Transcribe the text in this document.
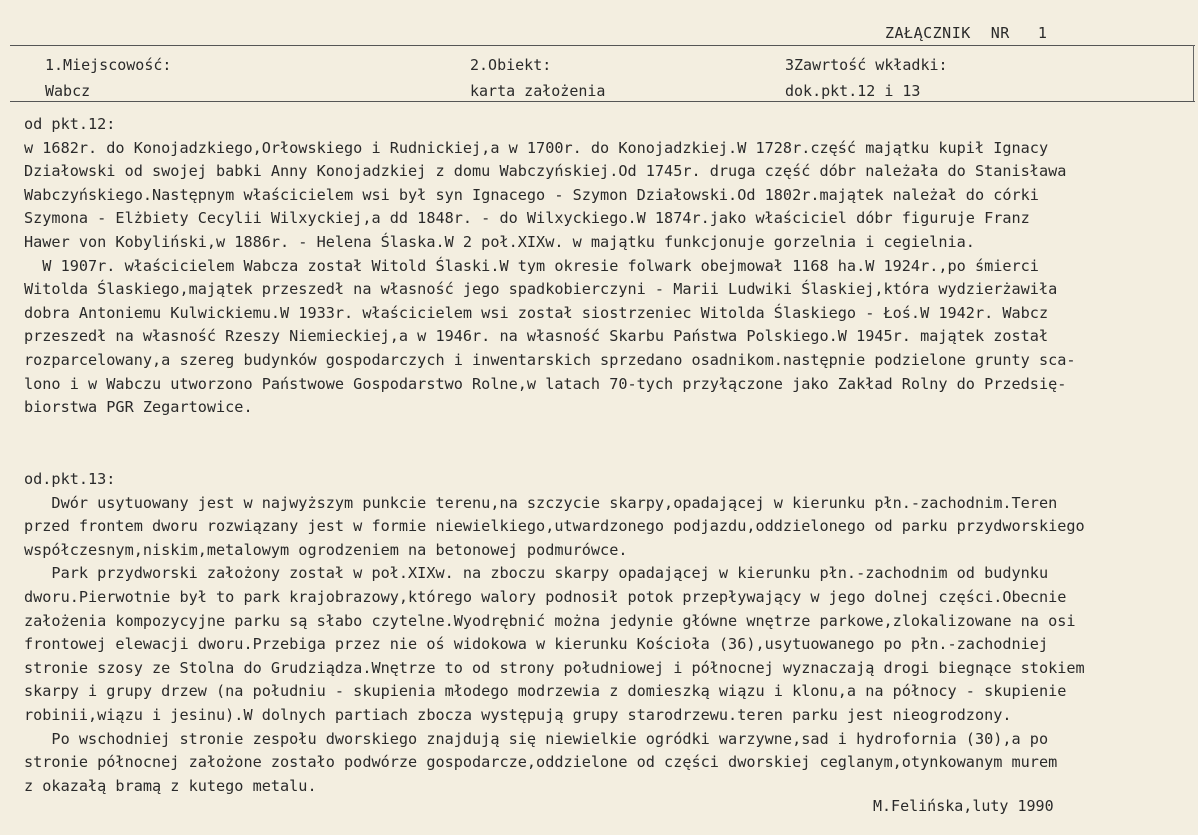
ZAŁĄCZNIK NR 1
1.Miejscowość:
Wabcz
2.Obiekt:
karta założenia
3Zawrtość wkładki:
dok.pkt.12 i 13
od pkt.12:
w 1682r. do Konojadzkiego,Orłowskiego i Rudnickiej,a w 1700r. do Konojadzkiej.W 1728r.część majątku kupił Ignacy
Działowski od swojej babki Anny Konojadzkiej z domu Wabczyńskiej.Od 1745r. druga część dóbr należała do Stanisława
Wabczyńskiego.Następnym właścicielem wsi był syn Ignacego - Szymon Działowski.Od 1802r.majątek należał do córki
Szymona - Elżbiety Cecylii Wilxyckiej,a dd 1848r. - do Wilxyckiego.W 1874r.jako właściciel dóbr figuruje Franz
Hawer von Kobyliński,w 1886r. - Helena Ślaska.W 2 poł.XIXw. w majątku funkcjonuje gorzelnia i cegielnia.
W 1907r. właścicielem Wabcza został Witold Ślaski.W tym okresie folwark obejmował 1168 ha.W 1924r.,po śmierci
Witolda Ślaskiego,majątek przeszedł na własność jego spadkobierczyni - Marii Ludwiki Ślaskiej,która wydzierżawiła
dobra Antoniemu Kulwickiemu.W 1933r. właścicielem wsi został siostrzeniec Witolda Ślaskiego - Łoś.W 1942r. Wabcz
przeszedł na własność Rzeszy Niemieckiej,a w 1946r. na własność Skarbu Państwa Polskiego.W 1945r. majątek został
rozparcelowany,a szereg budynków gospodarczych i inwentarskich sprzedano osadnikom.następnie podzielone grunty sca-
lono i w Wabczu utworzono Państwowe Gospodarstwo Rolne,w latach 70-tych przyłączone jako Zakład Rolny do Przedsię-
biorstwa PGR Zegartowice.
od.pkt.13:
Dwór usytuowany jest w najwyższym punkcie terenu,na szczycie skarpy,opadającej w kierunku płn.-zachodnim.Teren
przed frontem dworu rozwiązany jest w formie niewielkiego,utwardzonego podjazdu,oddzielonego od parku przydworskiego
współczesnym,niskim,metalowym ogrodzeniem na betonowej podmurówce.
Park przydworski założony został w poł.XIXw. na zboczu skarpy opadającej w kierunku płn.-zachodnim od budynku
dworu.Pierwotnie był to park krajobrazowy,którego walory podnosił potok przepływający w jego dolnej części.Obecnie
założenia kompozycyjne parku są słabo czytelne.Wyodrębnić można jedynie główne wnętrze parkowe,zlokalizowane na osi
frontowej elewacji dworu.Przebiga przez nie oś widokowa w kierunku Kościoła (36),usytuowanego po płn.-zachodniej
stronie szosy ze Stolna do Grudziądza.Wnętrze to od strony południowej i północnej wyznaczają drogi biegnące stokiem
skarpy i grupy drzew (na południu - skupienia młodego modrzewia z domieszką wiązu i klonu,a na północy - skupienie
robinii,wiązu i jesinu).W dolnych partiach zbocza występują grupy starodrzewu.teren parku jest nieogrodzony.
Po wschodniej stronie zespołu dworskiego znajdują się niewielkie ogródki warzywne,sad i hydrofornia (30),a po
stronie północnej założone zostało podwórze gospodarcze,oddzielone od części dworskiej ceglanym,otynkowanym murem
z okazałą bramą z kutego metalu.
M.Felińska,luty 1990
